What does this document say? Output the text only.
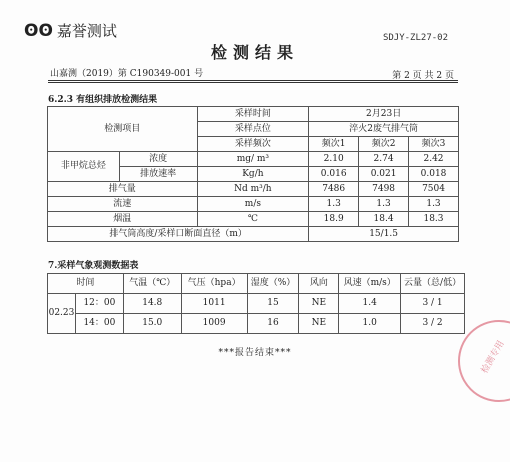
ʘʘ 嘉誉测试	SDJY-ZL27-02
检测结果
山嘉测（2019）第 C190349-001 号	第 2 页 共 2 页
6.2.3 有组织排放检测结果
检测项目		采样时间	2月23日		
		采样点位	淬火2废气排气筒		
		采样频次	频次1	频次2	频次3
非甲烷总烃	浓度	mg/ m³	2.10	2.74	2.42
	排放速率	Kg/h	0.016	0.021	0.018
排气量		Nd m³/h	7486	7498	7504
流速		m/s	1.3	1.3	1.3
烟温		℃	18.9	18.4	18.3
排气筒高度/采样口断面直径（m）			15/1.5		
7.采样气象观测数据表
时间		气温（℃）	气压（hpa）	湿度（%）	风向	风速（m/s）	云量（总/低）
02.23	12：00	14.8	1011	15	NE	1.4	3 / 1
	14：00	15.0	1009	16	NE	1.0	3 / 2
***报告结束***	检测专用
